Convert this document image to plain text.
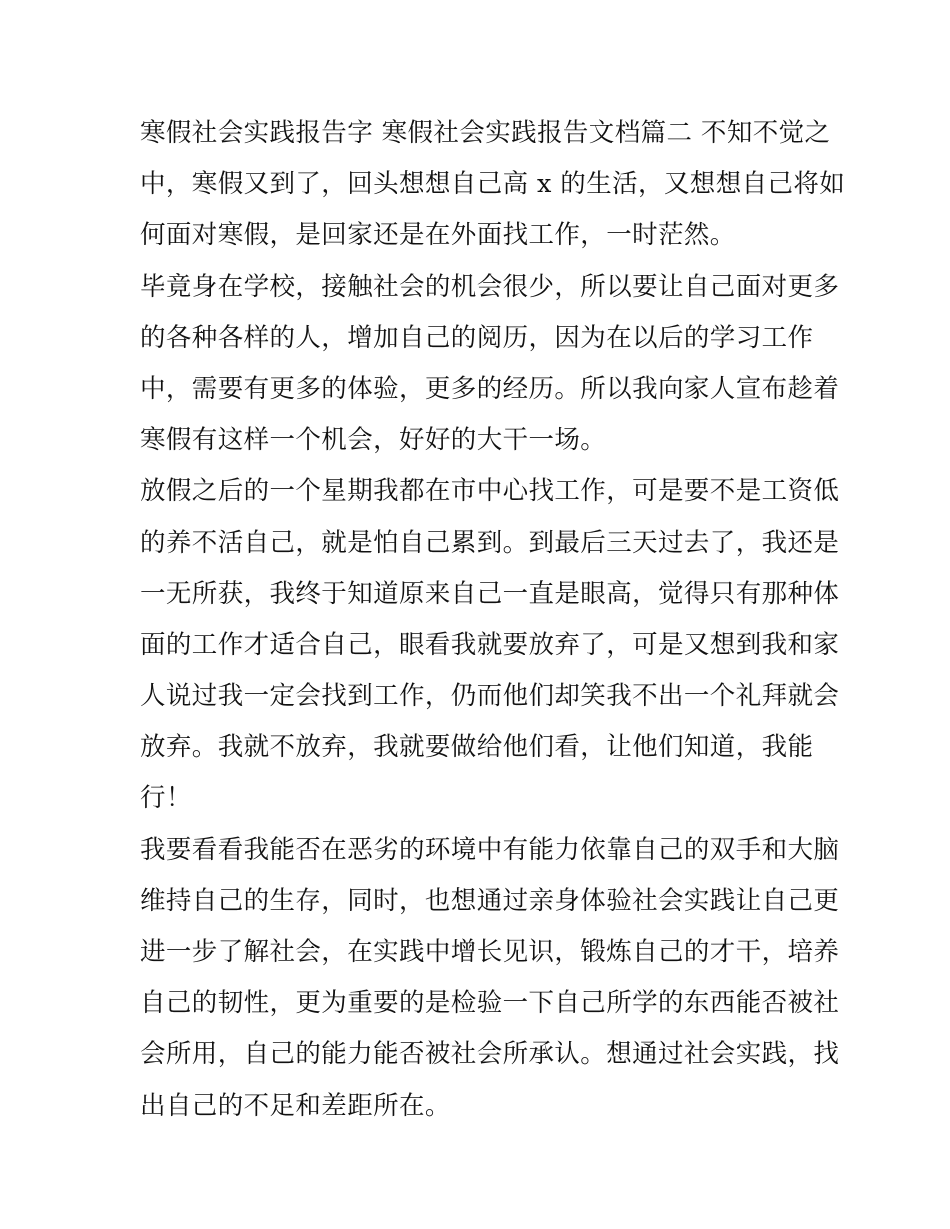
寒假社会实践报告字 寒假社会实践报告文档篇二 不知不觉之
中，寒假又到了，回头想想自己高 x 的生活，又想想自己将如
何面对寒假，是回家还是在外面找工作，一时茫然。

毕竟身在学校，接触社会的机会很少，所以要让自己面对更多
的各种各样的人，增加自己的阅历，因为在以后的学习工作
中，需要有更多的体验，更多的经历。所以我向家人宣布趁着
寒假有这样一个机会，好好的大干一场。

放假之后的一个星期我都在市中心找工作，可是要不是工资低
的养不活自己，就是怕自己累到。到最后三天过去了，我还是
一无所获，我终于知道原来自己一直是眼高，觉得只有那种体
面的工作才适合自己，眼看我就要放弃了，可是又想到我和家
人说过我一定会找到工作，仍而他们却笑我不出一个礼拜就会
放弃。我就不放弃，我就要做给他们看，让他们知道，我能
行！

我要看看我能否在恶劣的环境中有能力依靠自己的双手和大脑
维持自己的生存，同时，也想通过亲身体验社会实践让自己更
进一步了解社会，在实践中增长见识，锻炼自己的才干，培养
自己的韧性，更为重要的是检验一下自己所学的东西能否被社
会所用，自己的能力能否被社会所承认。想通过社会实践，找
出自己的不足和差距所在。
